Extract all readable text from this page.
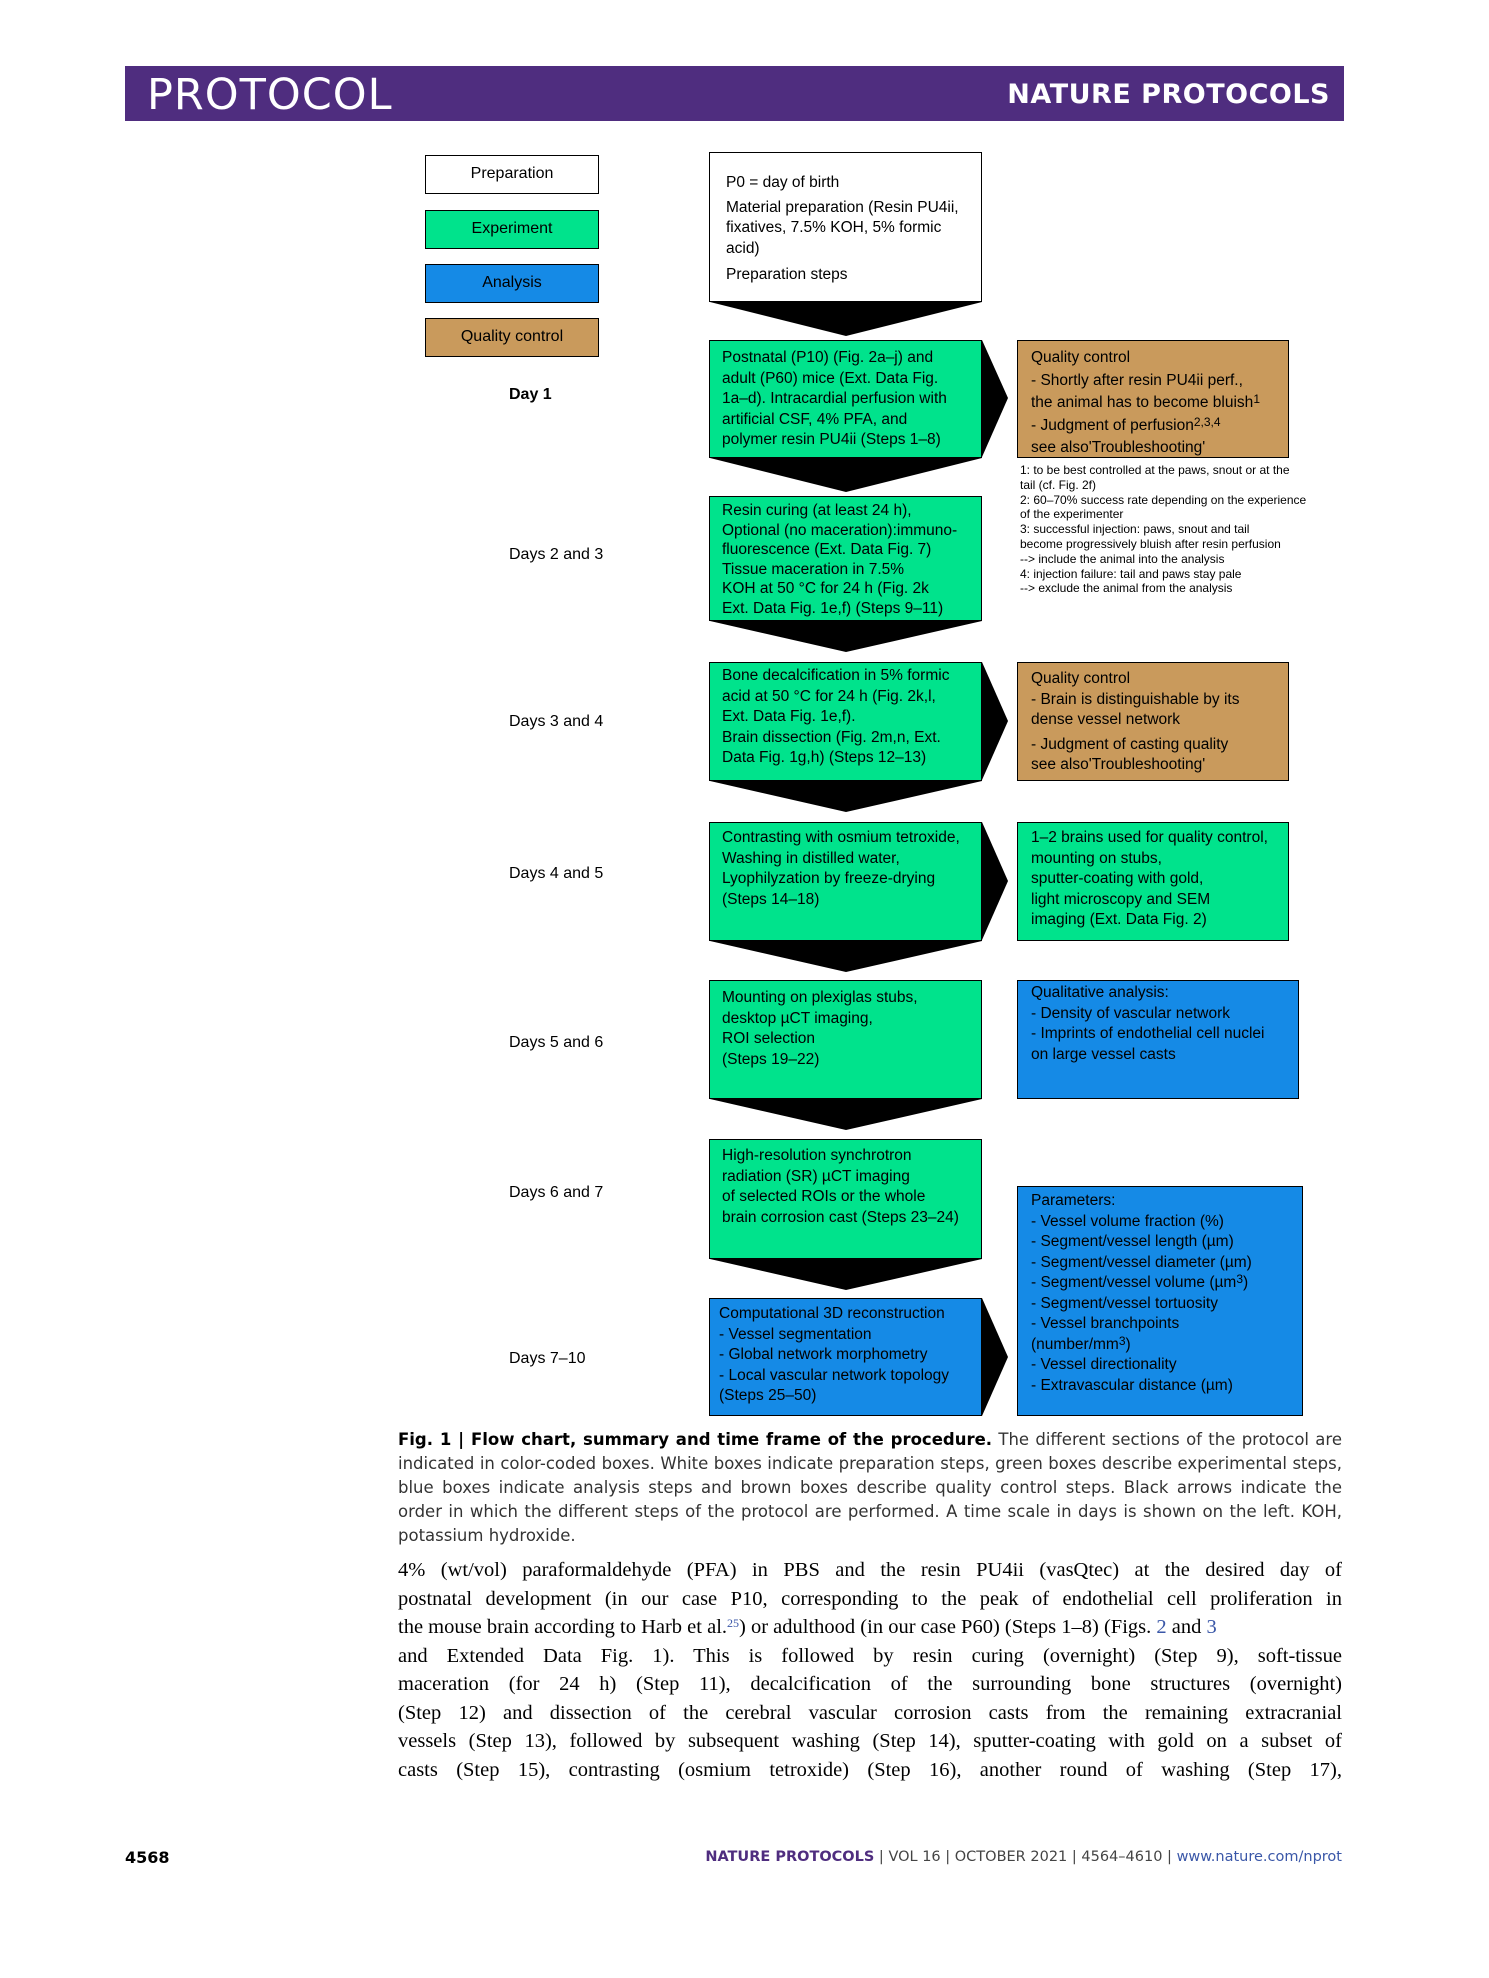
PROTOCOL	NATURE PROTOCOLS
Preparation
Experiment
Analysis
Quality control
Day 1
Days 2 and 3
Days 3 and 4
Days 4 and 5
Days 5 and 6
Days 6 and 7
Days 7–10
P0 = day of birth
Material preparation (Resin PU4ii,
fixatives, 7.5% KOH, 5% formic
acid)
Preparation steps
Postnatal (P10) (Fig. 2a–j) and
adult (P60) mice (Ext. Data Fig.
1a–d). Intracardial perfusion with
artificial CSF, 4% PFA, and
polymer resin PU4ii (Steps 1–8)
Quality control
- Shortly after resin PU4ii perf.,
the animal has to become bluish$^1$
- Judgment of perfusion$^{2,3,4}$
see also'Troubleshooting'
1: to be best controlled at the paws, snout or at the
tail (cf. Fig. 2f)
2: 60–70% success rate depending on the experience
of the experimenter
3: successful injection: paws, snout and tail
become progressively bluish after resin perfusion
--> include the animal into the analysis
4: injection failure: tail and paws stay pale
--> exclude the animal from the analysis
Resin curing (at least 24 h),
Optional (no maceration):immuno-
fluorescence (Ext. Data Fig. 7)
Tissue maceration in 7.5%
KOH at 50 °C for 24 h (Fig. 2k
Ext. Data Fig. 1e,f) (Steps 9–11)
Bone decalcification in 5% formic
acid at 50 °C for 24 h (Fig. 2k,l,
Ext. Data Fig. 1e,f).
Brain dissection (Fig. 2m,n, Ext.
Data Fig. 1g,h) (Steps 12–13)
Quality control
- Brain is distinguishable by its
dense vessel network
- Judgment of casting quality
see also'Troubleshooting'
Contrasting with osmium tetroxide,
Washing in distilled water,
Lyophilyzation by freeze-drying
(Steps 14–18)
1–2 brains used for quality control,
mounting on stubs,
sputter-coating with gold,
light microscopy and SEM
imaging (Ext. Data Fig. 2)
Mounting on plexiglas stubs,
desktop µCT imaging,
ROI selection
(Steps 19–22)
Qualitative analysis:
- Density of vascular network
- Imprints of endothelial cell nuclei
on large vessel casts
High-resolution synchrotron
radiation (SR) µCT imaging
of selected ROIs or the whole
brain corrosion cast (Steps 23–24)
Computational 3D reconstruction
- Vessel segmentation
- Global network morphometry
- Local vascular network topology
(Steps 25–50)
Parameters:
- Vessel volume fraction (%)
- Segment/vessel length (µm)
- Segment/vessel diameter (µm)
- Segment/vessel volume (µm$^3$)
- Segment/vessel tortuosity
- Vessel branchpoints
(number/mm$^3$)
- Vessel directionality
- Extravascular distance (µm)
Fig. 1 | Flow chart, summary and time frame of the procedure. The different sections of the protocol are indicated in color-coded boxes. White boxes indicate preparation steps, green boxes describe experimental steps, blue boxes indicate analysis steps and brown boxes describe quality control steps. Black arrows indicate the order in which the different steps of the protocol are performed. A time scale in days is shown on the left. KOH, potassium hydroxide.
4% (wt/vol) paraformaldehyde (PFA) in PBS and the resin PU4ii (vasQtec) at the desired day of
postnatal development (in our case P10, corresponding to the peak of endothelial cell proliferation in
the mouse brain according to Harb et al.$^{25}$) or adulthood (in our case P60) (Steps 1–8) (Figs. 2 and 3
and Extended Data Fig. 1). This is followed by resin curing (overnight) (Step 9), soft-tissue
maceration (for 24 h) (Step 11), decalcification of the surrounding bone structures (overnight)
(Step 12) and dissection of the cerebral vascular corrosion casts from the remaining extracranial
vessels (Step 13), followed by subsequent washing (Step 14), sputter-coating with gold on a subset of
casts (Step 15), contrasting (osmium tetroxide) (Step 16), another round of washing (Step 17),
4568	NATURE PROTOCOLS | VOL 16 | OCTOBER 2021 | 4564–4610 | www.nature.com/nprot
